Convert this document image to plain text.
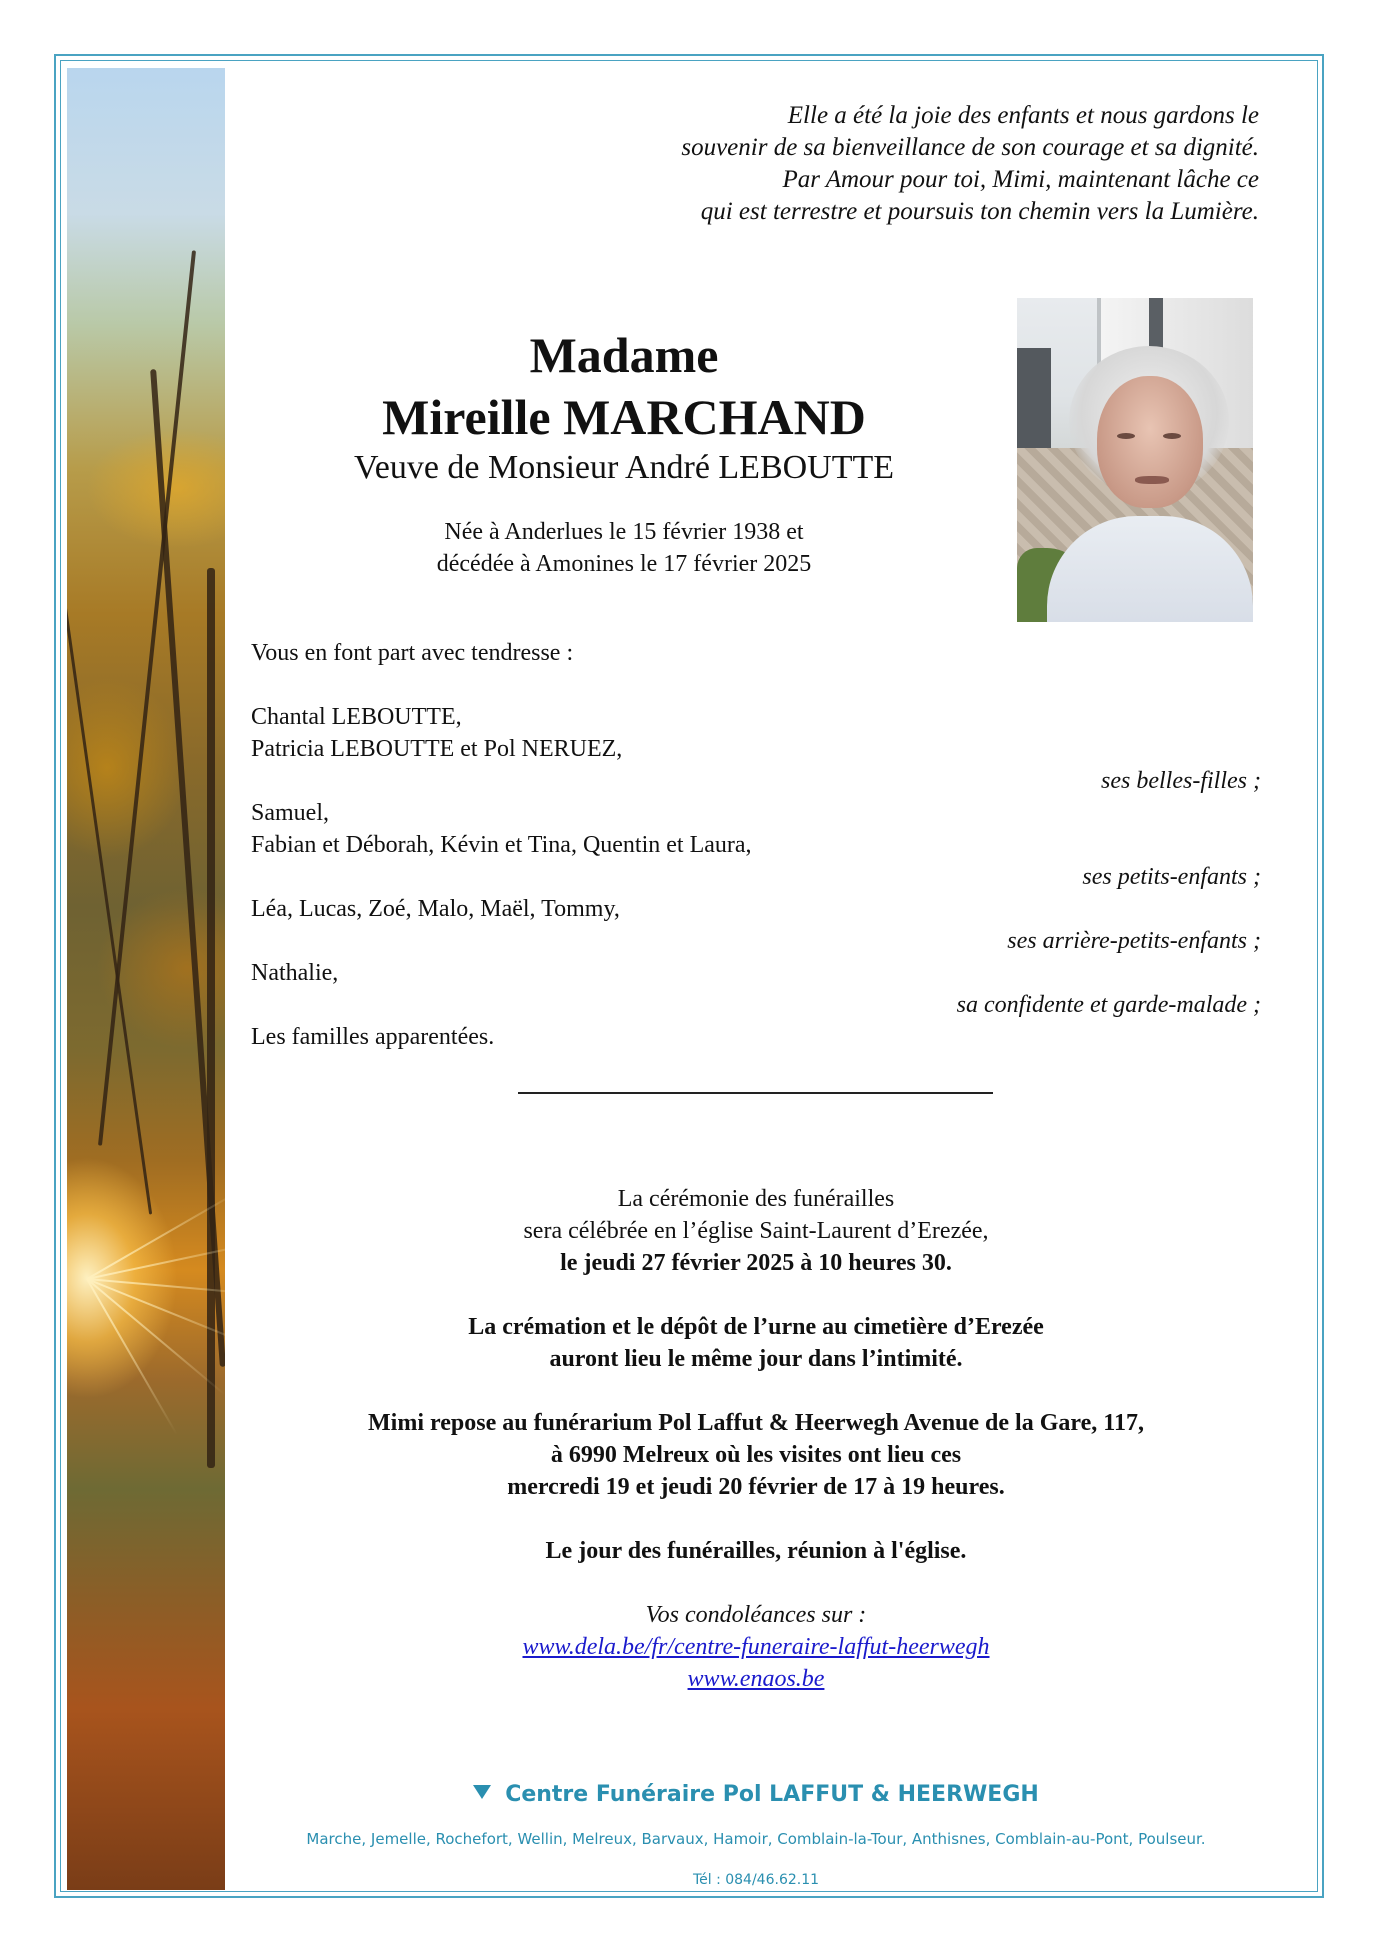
Elle a été la joie des enfants et nous gardons le
souvenir de sa bienveillance de son courage et sa dignité.
Par Amour pour toi, Mimi, maintenant lâche ce
qui est terrestre et poursuis ton chemin vers la Lumière.
Madame
Mireille MARCHAND
Veuve de Monsieur André LEBOUTTE
Née à Anderlues le 15 février 1938 et
décédée à Amonines le 17 février 2025
Vous en font part avec tendresse :
Chantal LEBOUTTE,
Patricia LEBOUTTE et Pol NERUEZ,
ses belles-filles ;
Samuel,
Fabian et Déborah, Kévin et Tina, Quentin et Laura,
ses petits-enfants ;
Léa, Lucas, Zoé, Malo, Maël, Tommy,
ses arrière-petits-enfants ;
Nathalie,
sa confidente et garde-malade ;
Les familles apparentées.
La cérémonie des funérailles
sera célébrée en l’église Saint-Laurent d’Erezée,
le jeudi 27 février 2025 à 10 heures 30.
La crémation et le dépôt de l’urne au cimetière d’Erezée
auront lieu le même jour dans l’intimité.
Mimi repose au funérarium Pol Laffut & Heerwegh Avenue de la Gare, 117,
à 6990 Melreux où les visites ont lieu ces
mercredi 19 et jeudi 20 février de 17 à 19 heures.
Le jour des funérailles, réunion à l'église.
Vos condoléances sur :
www.dela.be/fr/centre-funeraire-laffut-heerwegh
www.enaos.be
Centre Funéraire Pol LAFFUT & HEERWEGH
Marche, Jemelle, Rochefort, Wellin, Melreux, Barvaux, Hamoir, Comblain-la-Tour, Anthisnes, Comblain-au-Pont, Poulseur.
Tél : 084/46.62.11
